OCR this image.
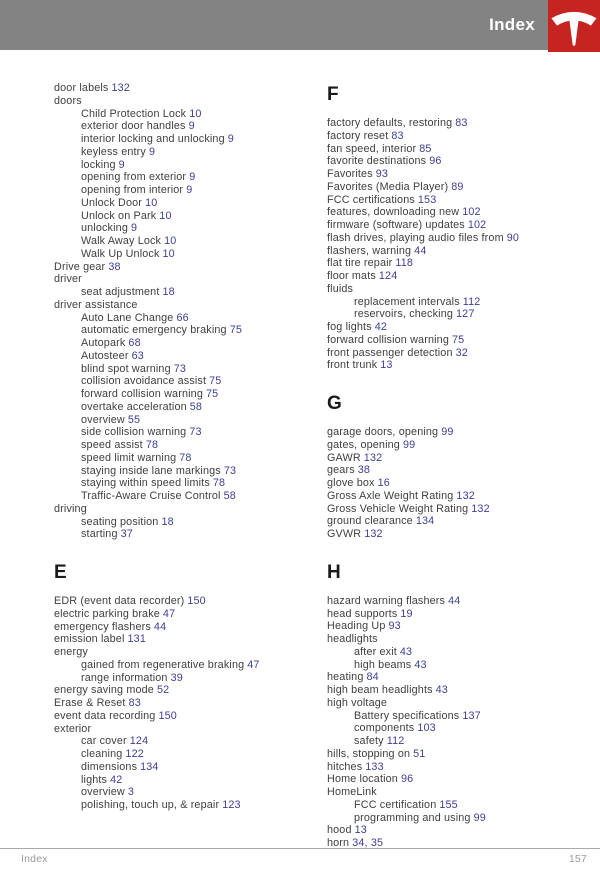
Index
door labels 132
doors
Child Protection Lock 10
exterior door handles 9
interior locking and unlocking 9
keyless entry 9
locking 9
opening from exterior 9
opening from interior 9
Unlock Door 10
Unlock on Park 10
unlocking 9
Walk Away Lock 10
Walk Up Unlock 10
Drive gear 38
driver
seat adjustment 18
driver assistance
Auto Lane Change 66
automatic emergency braking 75
Autopark 68
Autosteer 63
blind spot warning 73
collision avoidance assist 75
forward collision warning 75
overtake acceleration 58
overview 55
side collision warning 73
speed assist 78
speed limit warning 78
staying inside lane markings 73
staying within speed limits 78
Traffic-Aware Cruise Control 58
driving
seating position 18
starting 37
E
EDR (event data recorder) 150
electric parking brake 47
emergency flashers 44
emission label 131
energy
gained from regenerative braking 47
range information 39
energy saving mode 52
Erase & Reset 83
event data recording 150
exterior
car cover 124
cleaning 122
dimensions 134
lights 42
overview 3
polishing, touch up, & repair 123
F
factory defaults, restoring 83
factory reset 83
fan speed, interior 85
favorite destinations 96
Favorites 93
Favorites (Media Player) 89
FCC certifications 153
features, downloading new 102
firmware (software) updates 102
flash drives, playing audio files from 90
flashers, warning 44
flat tire repair 118
floor mats 124
fluids
replacement intervals 112
reservoirs, checking 127
fog lights 42
forward collision warning 75
front passenger detection 32
front trunk 13
G
garage doors, opening 99
gates, opening 99
GAWR 132
gears 38
glove box 16
Gross Axle Weight Rating 132
Gross Vehicle Weight Rating 132
ground clearance 134
GVWR 132
H
hazard warning flashers 44
head supports 19
Heading Up 93
headlights
after exit 43
high beams 43
heating 84
high beam headlights 43
high voltage
Battery specifications 137
components 103
safety 112
hills, stopping on 51
hitches 133
Home location 96
HomeLink
FCC certification 155
programming and using 99
hood 13
horn 34, 35
Index	157
